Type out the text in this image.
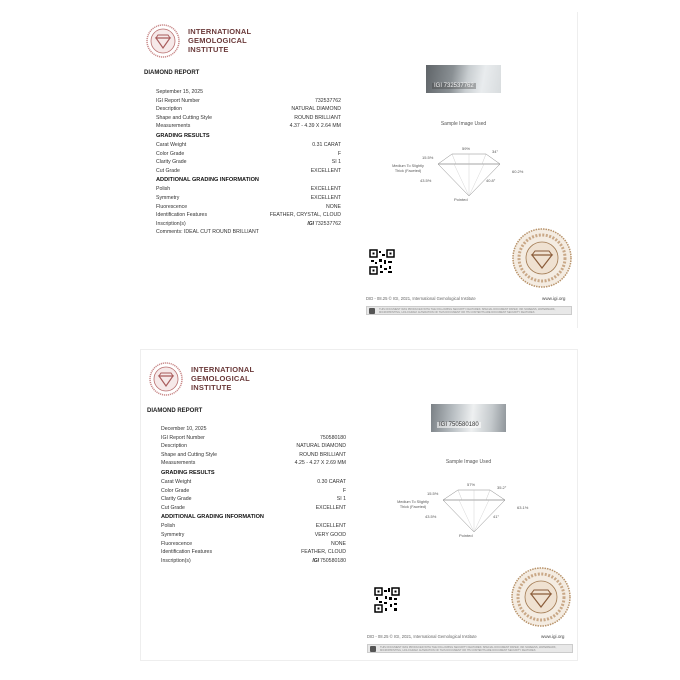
INTERNATIONAL
GEMOLOGICAL
INSTITUTE
DIAMOND REPORT
September 15, 2025
IGI Report Number	732537762
Description	NATURAL DIAMOND
Shape and Cutting Style	ROUND BRILLIANT
Measurements	4.37 - 4.39 X 2.64 MM
GRADING RESULTS
Carat Weight	0.31 CARAT
Color Grade	F
Clarity Grade	SI 1
Cut Grade	EXCELLENT
ADDITIONAL GRADING INFORMATION
Polish	EXCELLENT
Symmetry	EXCELLENT
Fluorescence	NONE
Identification Features	FEATHER, CRYSTAL, CLOUD
Inscription(s)	IGI732537762
Comments: IDEAL CUT ROUND BRILLIANT
IGI 732537762
Sample Image Used
59%
34°
15.5%
43.5%	40.8°
60.2%
Medium To Slightly Thick (Faceted)
Pointed
DID - 08.25 © IGI, 2021, International Gemological Institute	www.igi.org
THIS DOCUMENT WAS PRODUCED WITH THE FOLLOWING SECURITY FEATURES: SPECIAL DOCUMENT PAPER, INK SCREENS, WATERMARK, MICROPRINTING, HOLOGRAM. ALTERATION OF THIS DOCUMENT OR ITS CONTENTS ARE DOCUMENT SECURITY FEATURES
INTERNATIONAL
GEMOLOGICAL
INSTITUTE
DIAMOND REPORT
December 10, 2025
IGI Report Number	750580180
Description	NATURAL DIAMOND
Shape and Cutting Style	ROUND BRILLIANT
Measurements	4.25 - 4.27 X 2.69 MM
GRADING RESULTS
Carat Weight	0.30 CARAT
Color Grade	F
Clarity Grade	SI 1
Cut Grade	EXCELLENT
ADDITIONAL GRADING INFORMATION
Polish	EXCELLENT
Symmetry	VERY GOOD
Fluorescence	NONE
Identification Features	FEATHER, CLOUD
Inscription(s)	IGI750580180
IGI 750580180
Sample Image Used
57%
35.2°
15.5%
43.5%	41°
63.1%
Medium To Slightly Thick (Faceted)
Pointed
DID - 08.25 © IGI, 2021, International Gemological Institute	www.igi.org
THIS DOCUMENT WAS PRODUCED WITH THE FOLLOWING SECURITY FEATURES: SPECIAL DOCUMENT PAPER, INK SCREENS, WATERMARK, MICROPRINTING, HOLOGRAM. ALTERATION OF THIS DOCUMENT OR ITS CONTENTS ARE DOCUMENT SECURITY FEATURES
